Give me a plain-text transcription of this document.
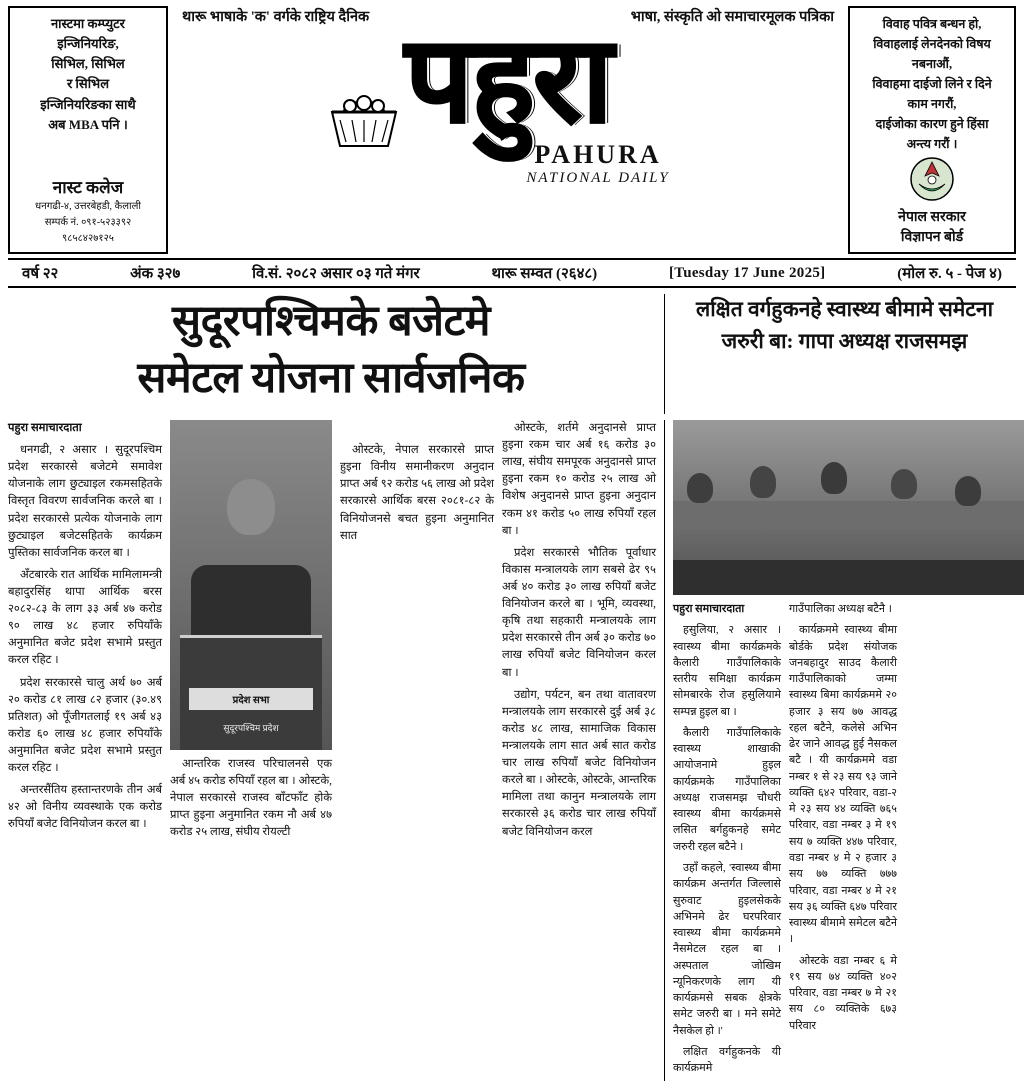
नास्टमा कम्प्युटर
इन्जिनियरिङ,
सिभिल, सिभिल
र सिभिल
इन्जिनियरिङका साथै
अब MBA पनि ।
नास्ट कलेज
धनगढी-४, उत्तरबेहडी, कैलाली
सम्पर्क नं. ०९१-५२३३९२
९८५८४२७१२५
थारू भाषाके 'क' वर्गके राष्ट्रिय दैनिक	भाषा, संस्कृति ओ समाचारमूलक पत्रिका
पहुरा
PAHURA
NATIONAL DAILY
विवाह पवित्र बन्धन हो,
विवाहलाई लेनदेनको विषय
नबनाऔं,
विवाहमा दाईजो लिने र दिने
काम नगरौं,
दाईजोका कारण हुने हिंसा
अन्त्य गरौं ।
नेपाल सरकार
विज्ञापन बोर्ड
वर्ष २२	अंक ३२७	वि.सं. २०८२ असार ०३ गते मंगर	थारू सम्वत (२६४८)	[Tuesday 17 June 2025]	(मोल रु. ५ - पेज ४)
सुदूरपश्चिमके बजेटमे
समेटल योजना सार्वजनिक
लक्षित वर्गहुकनहे स्वास्थ्य बीमामे समेटना
जरुरी बा: गापा अध्यक्ष राजसमझ

पहुरा समाचारदाता

धनगढी, २ असार । सुदूरपश्चिम प्रदेश सरकारसे बजेटमे समावेश योजनाके लाग छुट्याइल रकमसहितके विस्तृत विवरण सार्वजनिक करले बा । प्रदेश सरकारसे प्रत्येक योजनाके लाग छुट्याइल बजेटसहितके कार्यक्रम पुस्तिका सार्वजनिक करल बा ।

अँटबारके रात आर्थिक मामिलामन्त्री बहादुरसिंह थापा आर्थिक बरस २०८२-८३ के लाग ३३ अर्ब ४७ करोड ९० लाख ४८ हजार रुपियाँके अनुमानित बजेट प्रदेश सभामे प्रस्तुत करल रहिट ।

प्रदेश सरकारसे चालु अर्थ ७० अर्ब २० करोड ८१ लाख ८२ हजार (३०.४९ प्रतिशत) ओ पूँजीगतलाई १९ अर्ब ४३ करोड ६० लाख ४८ हजार रुपियाँके अनुमानित बजेट प्रदेश सभामे प्रस्तुत करल रहिट ।

अन्तरसैंतिय हस्तान्तरणके तीन अर्ब ४२ ओ विनीय व्यवस्थाके एक करोड रुपियाँ बजेट विनियोजन करल बा ।

प्रदेश सभा
सुदूरपश्चिम प्रदेश

आन्तरिक राजस्व परिचालनसे एक अर्ब ४५ करोड रुपियाँ रहल बा । ओस्टके, नेपाल सरकारसे राजस्व बाँटफाँट होके प्राप्त हुइना अनुमानित रकम नौ अर्ब ४७ करोड २५ लाख, संघीय रोयल्टी

ओस्टके, नेपाल सरकारसे प्राप्त हुइना विनीय समानीकरण अनुदान प्राप्त अर्ब ९२ करोड ५६ लाख ओ प्रदेश सरकारसे आर्थिक बरस २०८१-८२ के विनियोजनसे बचत हुइना अनुमानित सात

ओस्टके, शर्तमे अनुदानसे प्राप्त हुइना रकम चार अर्ब १६ करोड ३० लाख, संघीय समपूरक अनुदानसे प्राप्त हुइना रकम १० करोड २५ लाख ओ विशेष अनुदानसे प्राप्त हुइना अनुदान रकम ४१ करोड ५० लाख रुपियाँ रहल बा ।

प्रदेश सरकारसे भौतिक पूर्वाधार विकास मन्त्रालयके लाग सबसे ढेर ९५ अर्ब ४० करोड ३० लाख रुपियाँ बजेट विनियोजन करले बा । भूमि, व्यवस्था, कृषि तथा सहकारी मन्त्रालयके लाग प्रदेश सरकारसे तीन अर्ब ३० करोड ७० लाख रुपियाँ बजेट विनियोजन करल बा ।

उद्योग, पर्यटन, बन तथा वातावरण मन्त्रालयके लाग सरकारसे दुई अर्ब ३८ करोड ४८ लाख, सामाजिक विकास मन्त्रालयके लाग सात अर्ब सात करोड चार लाख रुपियाँ बजेट विनियोजन करले बा । ओस्टके, ओस्टके, आन्तरिक मामिला तथा कानुन मन्त्रालयके लाग सरकारसे ३६ करोड चार लाख रुपियाँ बजेट विनियोजन करल

पहुरा समाचारदाता

हसुलिया, २ असार । स्वास्थ्य बीमा कार्यक्रमके कैलारी गाउँपालिकाके स्तरीय समिक्षा कार्यक्रम सोमबारके रोज हसुलियामे सम्पन्न हुइल बा ।

कैलारी गाउँपालिकाके स्वास्थ्य शाखाकी आयोजनामे हुइल कार्यक्रमके गाउँपालिका अध्यक्ष राजसमझ चौधरी स्वास्थ्य बीमा कार्यक्रमसे लसित बर्गहुकनहे समेट जरुरी रहल बटैने ।

उहाँ कहले, 'स्वास्थ्य बीमा कार्यक्रम अन्तर्गत जिल्लासे सुरुवाट हुइलसेकके अभिनमे ढेर घरपरिवार स्वास्थ्य बीमा कार्यक्रममे नैसमेटल रहल बा । अस्पताल जोखिम न्यूनिकरणके लाग यी कार्यक्रमसे सबक क्षेत्रके समेट जरुरी बा । मने समेटे नैसकेल हो ।'

लक्षित वर्गहुकनके यी कार्यक्रममे

गाउँपालिका अध्यक्ष बटैनै ।

कार्यक्रममे स्वास्थ्य बीमा बोर्डके प्रदेश संयोजक जनबहादुर साउद कैलारी गाउँपालिकाको जम्मा स्वास्थ्य बिमा कार्यक्रममे २० हजार ३ सय ७७ आवद्ध रहल बटैने, कलेसे अभिन ढेर जाने आवद्ध हुई नैसकल बटै । यी कार्यक्रममे वडा नम्बर १ से २३ सय ९३ जाने व्यक्ति ६४२ परिवार, वडा-२ मे २३ सय ४४ व्यक्ति ७६५ परिवार, वडा नम्बर ३ मे १९ सय ७ व्यक्ति ४४७ परिवार, वडा नम्बर ४ मे २ हजार ३ सय ७७ व्यक्ति ७७७ परिवार, वडा नम्बर ४ मे २१ सय ३६ व्यक्ति ६४७ परिवार स्वास्थ्य बीमामे समेटल बटैने ।

ओस्टके वडा नम्बर ६ मे १९ सय ७४ व्यक्ति ४०२ परिवार, वडा नम्बर ७ मे २१ सय ८० व्यक्तिके ६७३ परिवार
